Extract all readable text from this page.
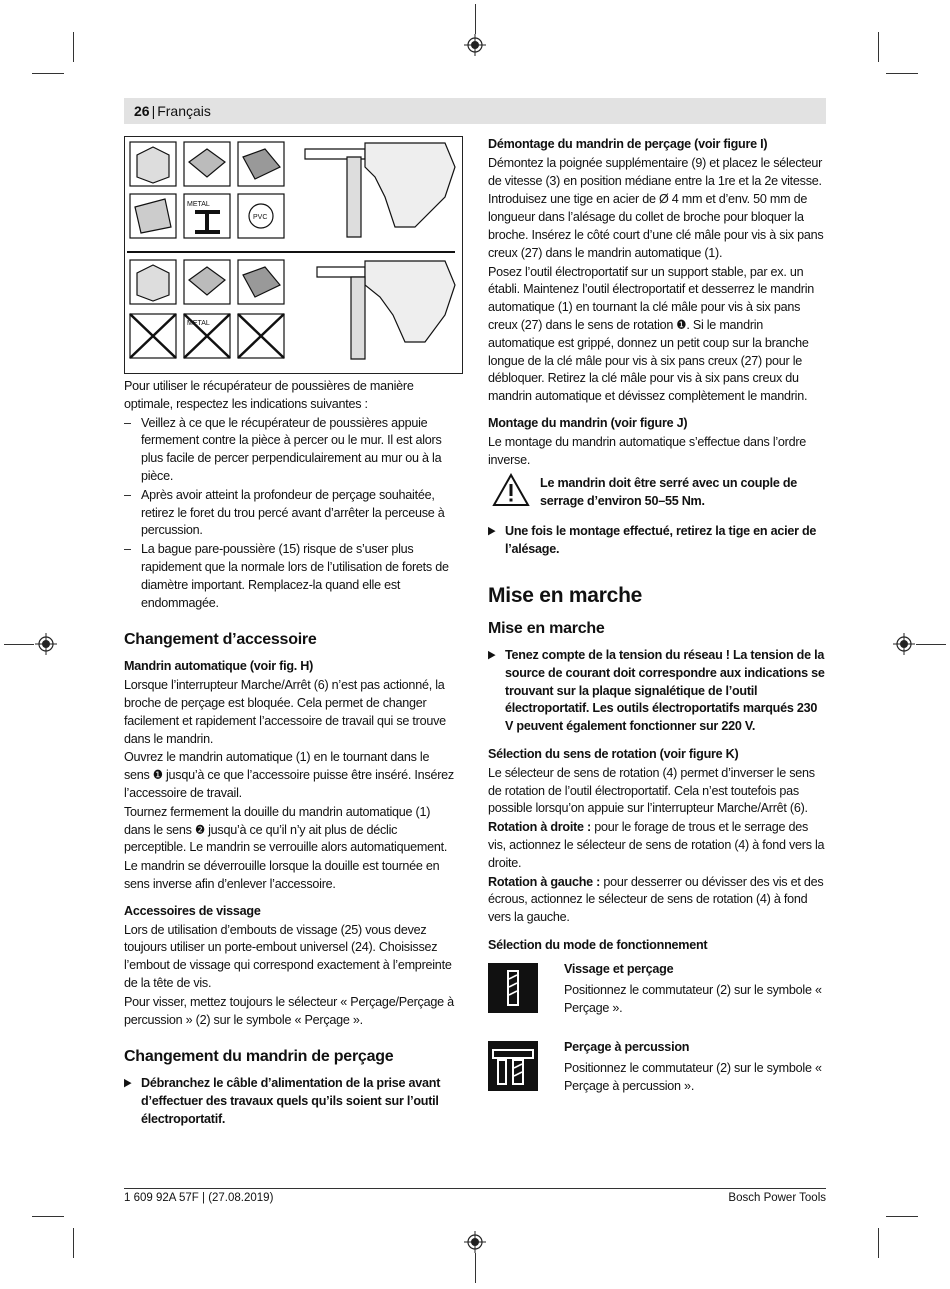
26 | Français
METAL
PVC
METAL

Pour utiliser le récupérateur de poussières de manière optimale, respectez les indications suivantes :

– Veillez à ce que le récupérateur de poussières appuie fermement contre la pièce à percer ou le mur. Il est alors plus facile de percer perpendiculairement au mur ou à la pièce.
– Après avoir atteint la profondeur de perçage souhaitée, retirez le foret du trou percé avant d’arrêter la perceuse à percussion.
– La bague pare-poussière (15) risque de s’user plus rapidement que la normale lors de l’utilisation de forets de diamètre important. Remplacez-la quand elle est endommagée.
Changement d’accessoire
Mandrin automatique (voir fig. H)

Lorsque l’interrupteur Marche/Arrêt (6) n’est pas actionné, la broche de perçage est bloquée. Cela permet de changer facilement et rapidement l’accessoire de travail qui se trouve dans le mandrin.

Ouvrez le mandrin automatique (1) en le tournant dans le sens ❶ jusqu’à ce que l’accessoire puisse être inséré. Insérez l’accessoire de travail.

Tournez fermement la douille du mandrin automatique (1) dans le sens ❷ jusqu’à ce qu’il n’y ait plus de déclic perceptible. Le mandrin se verrouille alors automatiquement.

Le mandrin se déverrouille lorsque la douille est tournée en sens inverse afin d’enlever l’accessoire.

Accessoires de vissage

Lors de utilisation d’embouts de vissage (25) vous devez toujours utiliser un porte-embout universel (24). Choisissez l’embout de vissage qui correspond exactement à l’empreinte de la tête de vis.

Pour visser, mettez toujours le sélecteur « Perçage/Perçage à percussion » (2) sur le symbole « Perçage ».

Changement du mandrin de perçage
▶ Débranchez le câble d’alimentation de la prise avant d’effectuer des travaux quels qu’ils soient sur l’outil électroportatif.
Démontage du mandrin de perçage (voir figure I)

Démontez la poignée supplémentaire (9) et placez le sélecteur de vitesse (3) en position médiane entre la 1re et la 2e vitesse.

Introduisez une tige en acier de Ø 4 mm et d’env. 50 mm de longueur dans l’alésage du collet de broche pour bloquer la broche. Insérez le côté court d’une clé mâle pour vis à six pans creux (27) dans le mandrin automatique (1).

Posez l’outil électroportatif sur un support stable, par ex. un établi. Maintenez l’outil électroportatif et desserrez le mandrin automatique (1) en tournant la clé mâle pour vis à six pans creux (27) dans le sens de rotation ❶. Si le mandrin automatique est grippé, donnez un petit coup sur la branche longue de la clé mâle pour vis à six pans creux (27) pour le débloquer. Retirez la clé mâle pour vis à six pans creux du mandrin automatique et dévissez complètement le mandrin.

Montage du mandrin (voir figure J)

Le montage du mandrin automatique s’effectue dans l’ordre inverse.

Le mandrin doit être serré avec un couple de serrage d’environ 50–55 Nm.
▶ Une fois le montage effectué, retirez la tige en acier de l’alésage.
Mise en marche
Mise en marche
▶ Tenez compte de la tension du réseau ! La tension de la source de courant doit correspondre aux indications se trouvant sur la plaque signalétique de l’outil électroportatif. Les outils électroportatifs marqués 230 V peuvent également fonctionner sur 220 V.
Sélection du sens de rotation (voir figure K)

Le sélecteur de sens de rotation (4) permet d’inverser le sens de rotation de l’outil électroportatif. Cela n’est toutefois pas possible lorsqu’on appuie sur l’interrupteur Marche/Arrêt (6).

Rotation à droite : pour le forage de trous et le serrage des vis, actionnez le sélecteur de sens de rotation (4) à fond vers la droite.

Rotation à gauche : pour desserrer ou dévisser des vis et des écrous, actionnez le sélecteur de sens de rotation (4) à fond vers la gauche.

Sélection du mode de fonctionnement
Vissage et perçage
Positionnez le commutateur (2) sur le symbole « Perçage ».
Perçage à percussion
Positionnez le commutateur (2) sur le symbole « Perçage à percussion ».
1 609 92A 57F | (27.08.2019)	Bosch Power Tools
